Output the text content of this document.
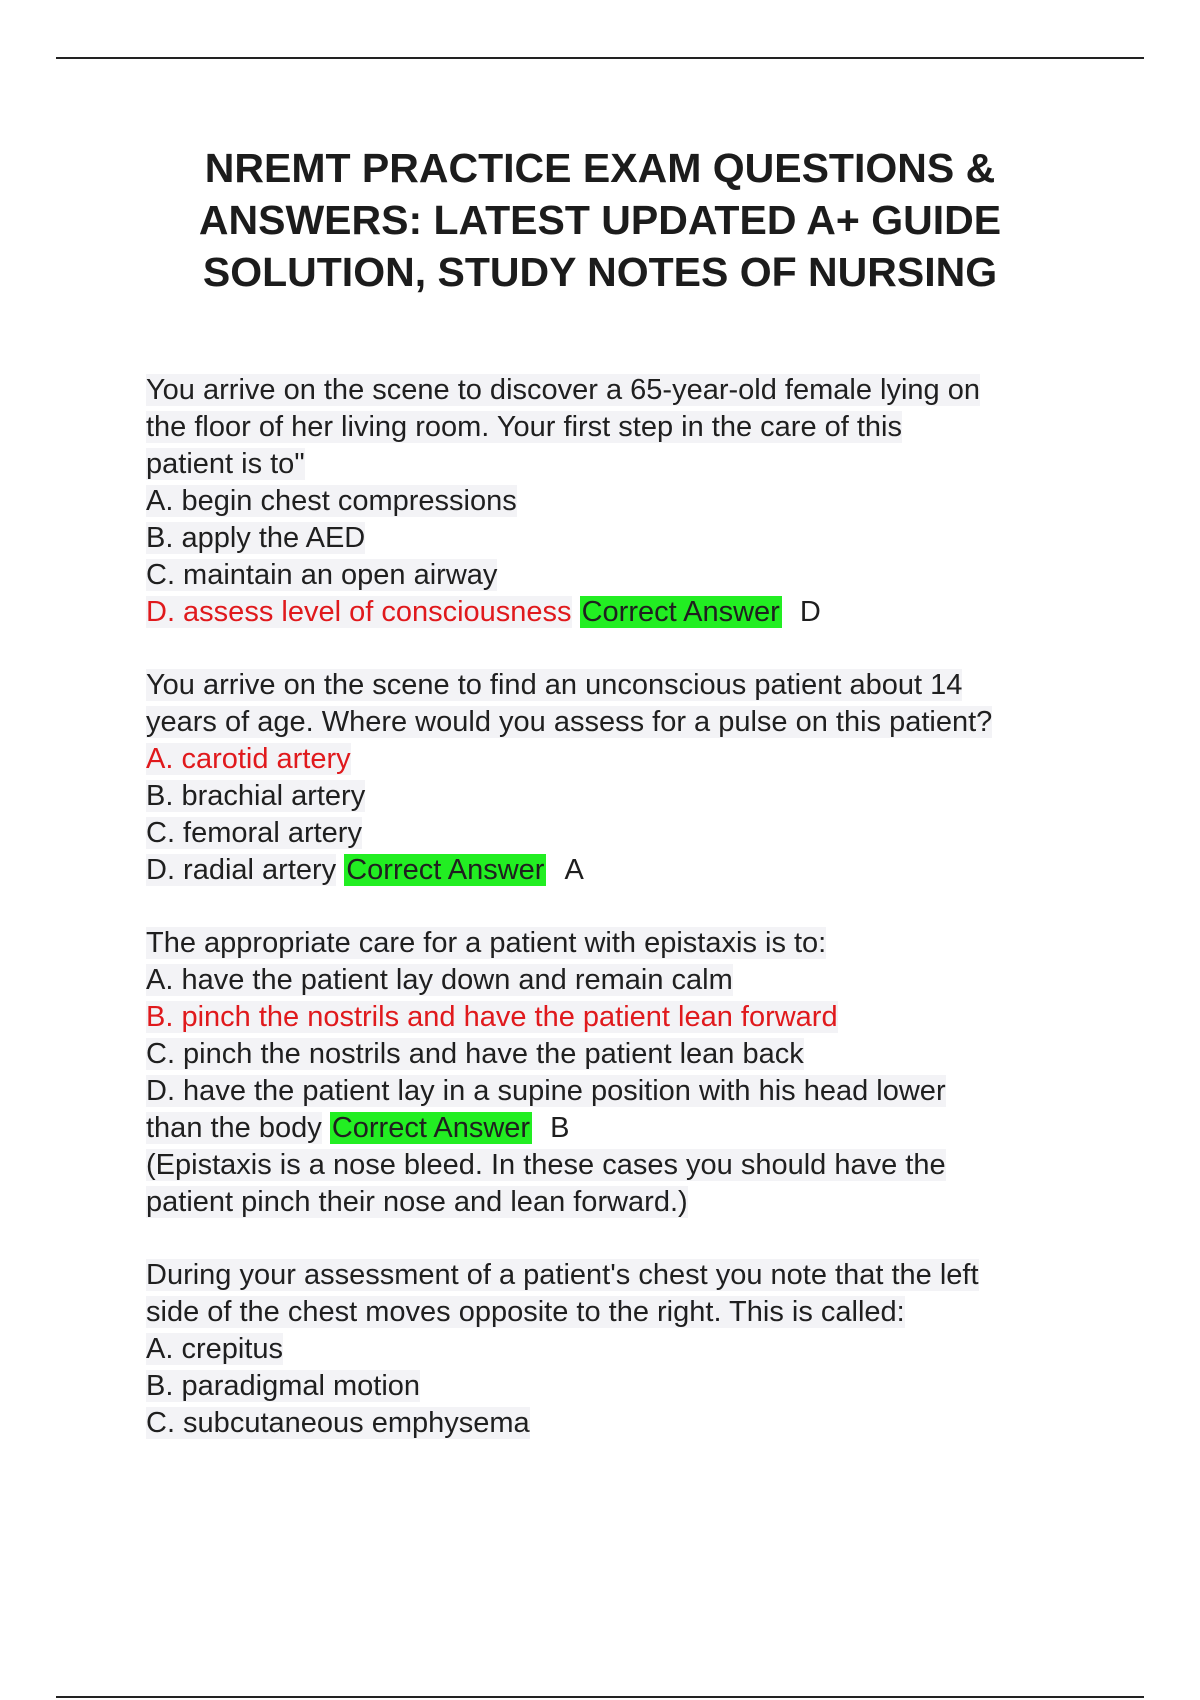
NREMT PRACTICE EXAM QUESTIONS &
ANSWERS: LATEST UPDATED A+ GUIDE
SOLUTION, STUDY NOTES OF NURSING
You arrive on the scene to discover a 65-year-old female lying on
the floor of her living room. Your first step in the care of this
patient is to"
A. begin chest compressions
B. apply the AED
C. maintain an open airway
D. assess level of consciousness Correct Answer D
You arrive on the scene to find an unconscious patient about 14
years of age. Where would you assess for a pulse on this patient?
A. carotid artery
B. brachial artery
C. femoral artery
D. radial artery Correct Answer A
The appropriate care for a patient with epistaxis is to:
A. have the patient lay down and remain calm
B. pinch the nostrils and have the patient lean forward
C. pinch the nostrils and have the patient lean back
D. have the patient lay in a supine position with his head lower
than the body Correct Answer B
(Epistaxis is a nose bleed. In these cases you should have the
patient pinch their nose and lean forward.)
During your assessment of a patient's chest you note that the left
side of the chest moves opposite to the right. This is called:
A. crepitus
B. paradigmal motion
C. subcutaneous emphysema
